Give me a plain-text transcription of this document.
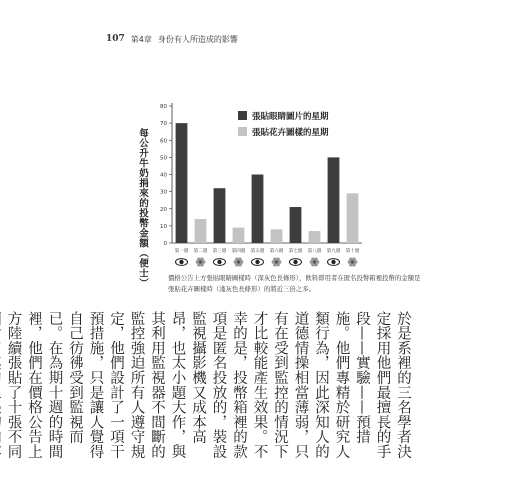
107 第4章 身份有人所造成的影響
每公升牛奶捐來的投幣金額（便士）	0
10
20
30
40
50
60
70
80
第一週 第二週 第三週 第四週 第五週 第六週 第七週 第八週 第九週 第十週
張貼眼睛圖片的星期
張貼花卉圖樣的星期
價格公告上方張貼眼睛圖樣時（深灰色長條形），飲料即用者在匿名投幣箱裡投幣的金額是張貼花卉圖樣時（淺灰色長條形）的將近三倍之多。

於是系裡的三名學者決定採用他們最擅長的手段——實驗——預措施。他們專精於研究人類行為，因此深知人的道德情操相當薄弱，只有在受到監控的情況下才比較能產生效果。不幸的是，投幣箱裡的款項是匿名投放的，裝設監視攝影機又成本高昂，也太小題大作，與其利用監視器不間斷的監控強迫所有人遵守規定，他們設計了一項干預措施，只是讓人覺得自己彷彿受到監視而已。在為期十週的時間裡，他們在價格公告上方陸續張貼了十張不同
